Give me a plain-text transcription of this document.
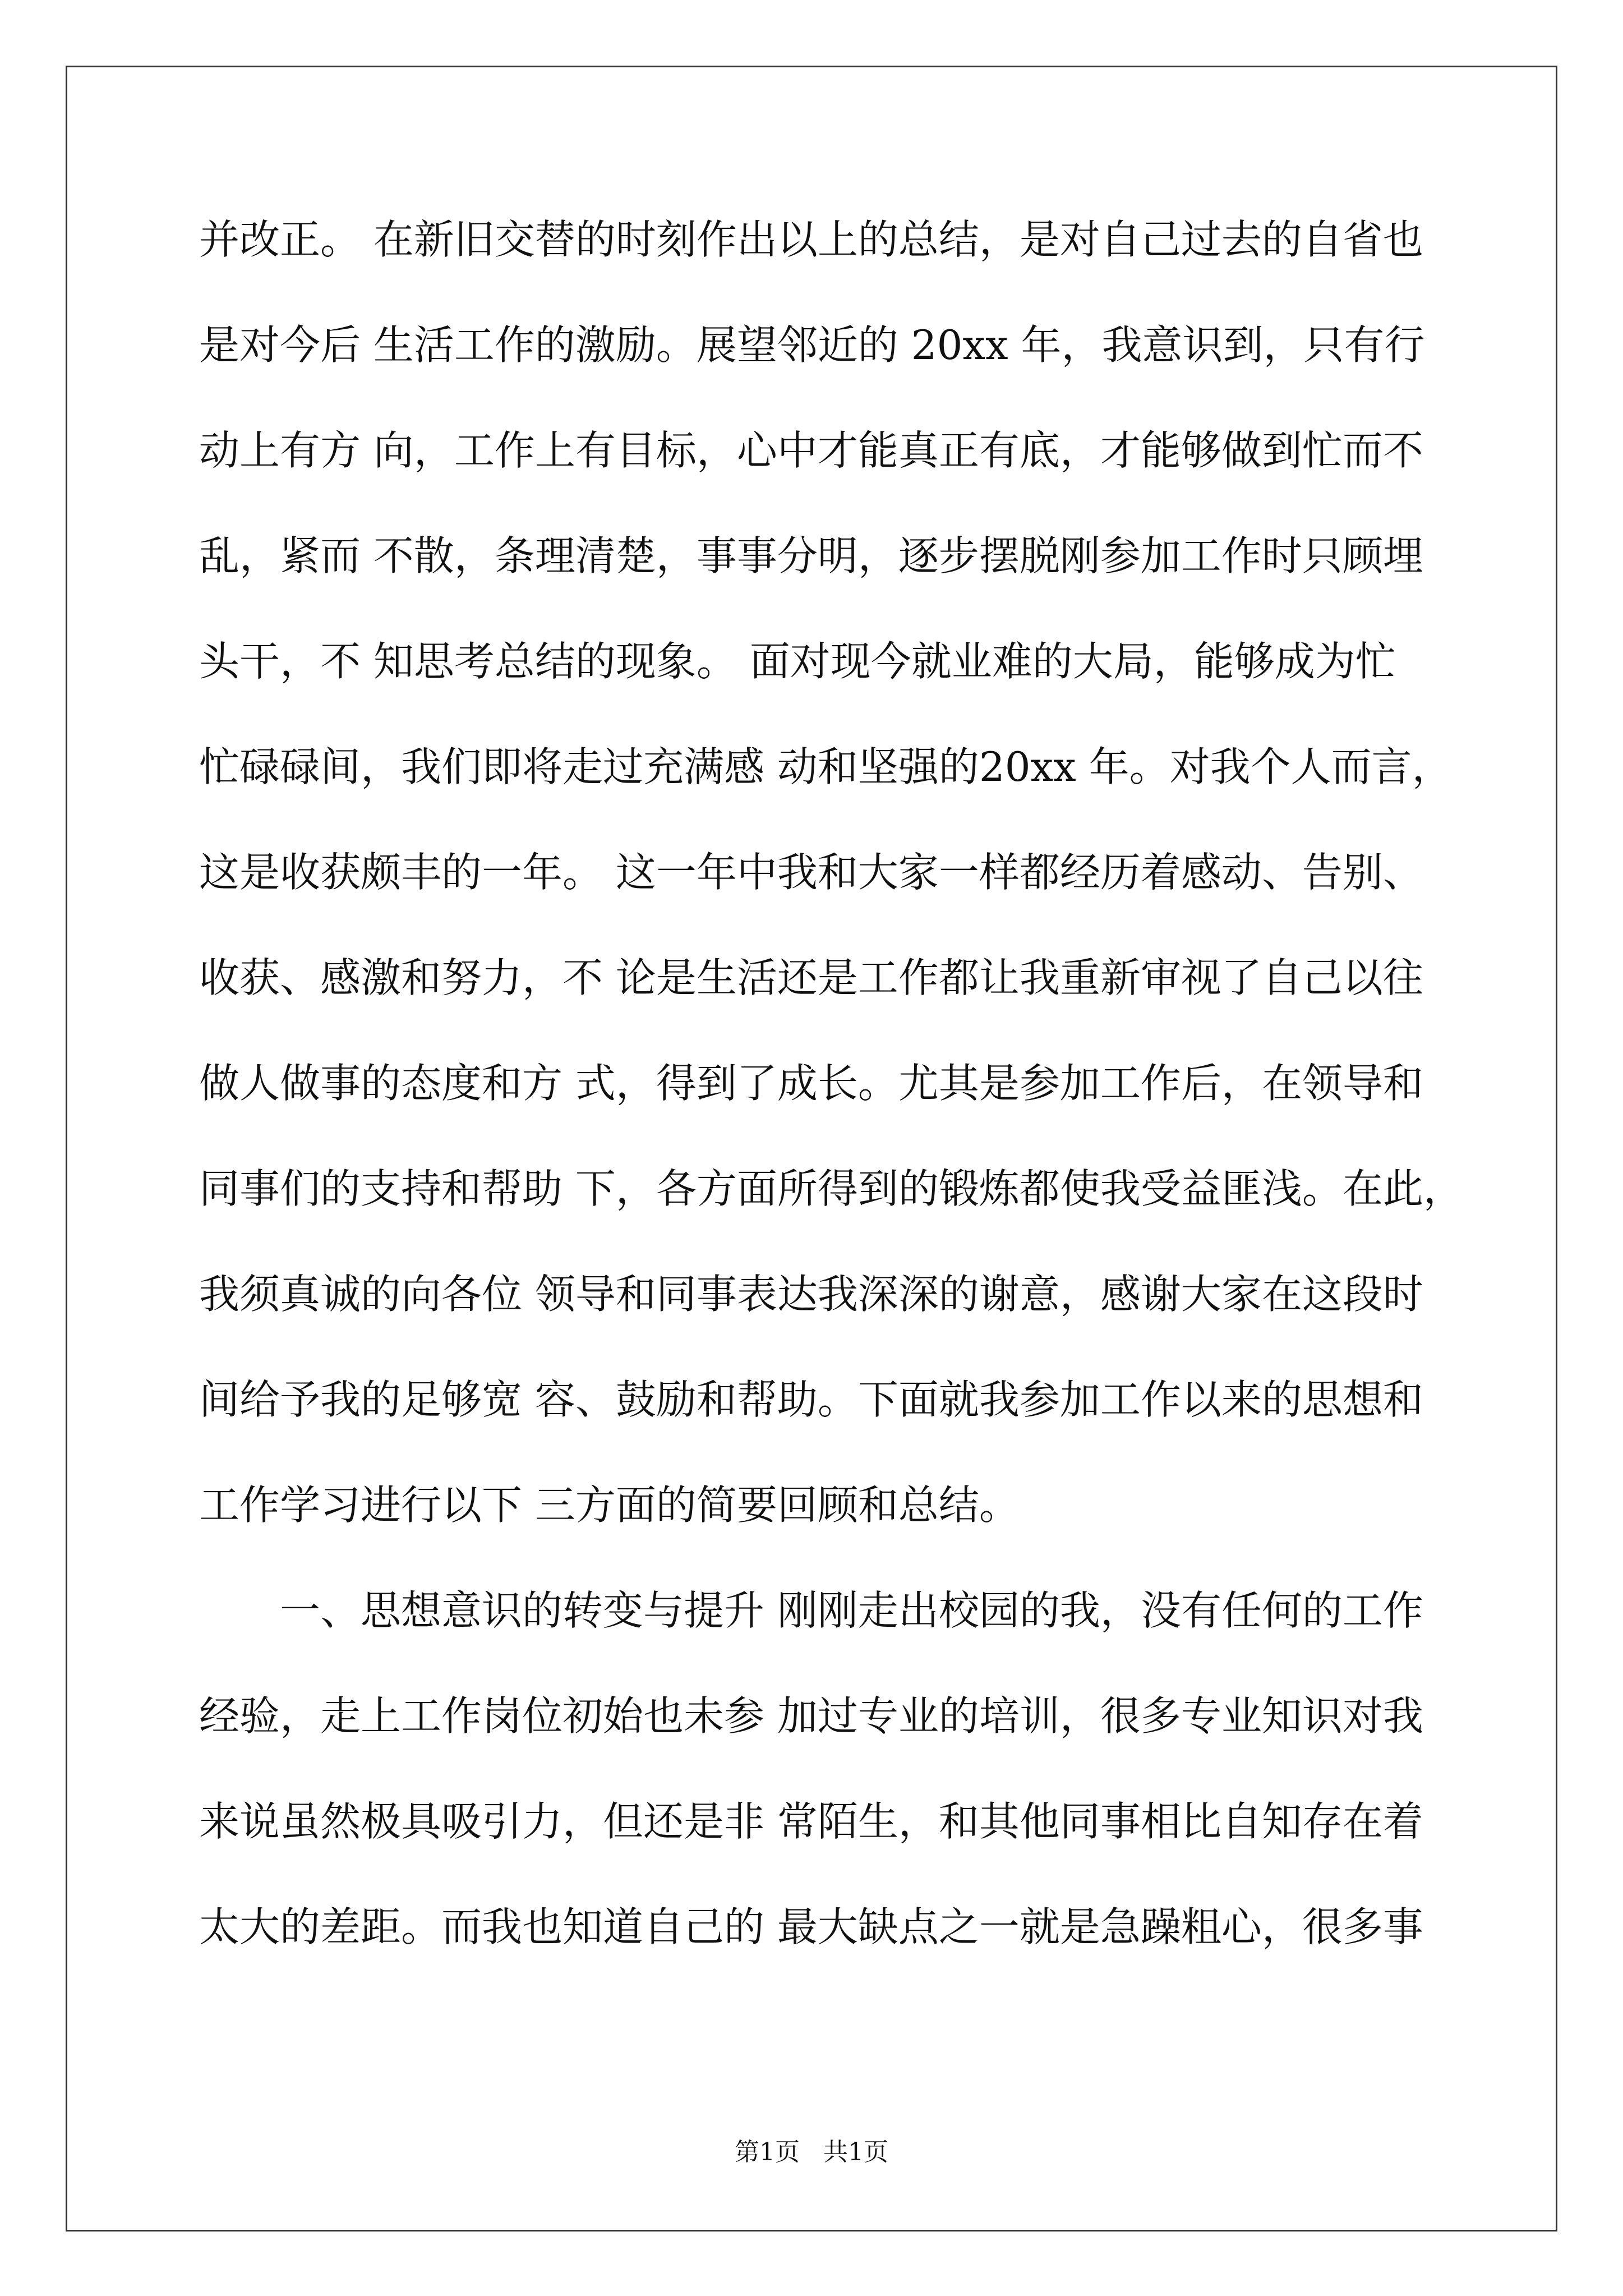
并改正。 在新旧交替的时刻作出以上的总结，是对自己过去的自省也
是对今后 生活工作的激励。展望邻近的 20xx 年，我意识到，只有行
动上有方 向，工作上有目标，心中才能真正有底，才能够做到忙而不
乱，紧而 不散，条理清楚，事事分明，逐步摆脱刚参加工作时只顾埋
头干，不 知思考总结的现象。 面对现今就业难的大局，能够成为忙
忙碌碌间，我们即将走过充满感 动和坚强的20xx 年。对我个人而言，
这是收获颇丰的一年。 这一年中我和大家一样都经历着感动、告别、
收获、感激和努力，不 论是生活还是工作都让我重新审视了自己以往
做人做事的态度和方 式，得到了成长。尤其是参加工作后，在领导和
同事们的支持和帮助 下，各方面所得到的锻炼都使我受益匪浅。在此，
我须真诚的向各位 领导和同事表达我深深的谢意，感谢大家在这段时
间给予我的足够宽 容、鼓励和帮助。下面就我参加工作以来的思想和
工作学习进行以下 三方面的简要回顾和总结。
一、思想意识的转变与提升 刚刚走出校园的我，没有任何的工作
经验，走上工作岗位初始也未参 加过专业的培训，很多专业知识对我
来说虽然极具吸引力，但还是非 常陌生，和其他同事相比自知存在着
太大的差距。而我也知道自己的 最大缺点之一就是急躁粗心，很多事
第1页   共1页
